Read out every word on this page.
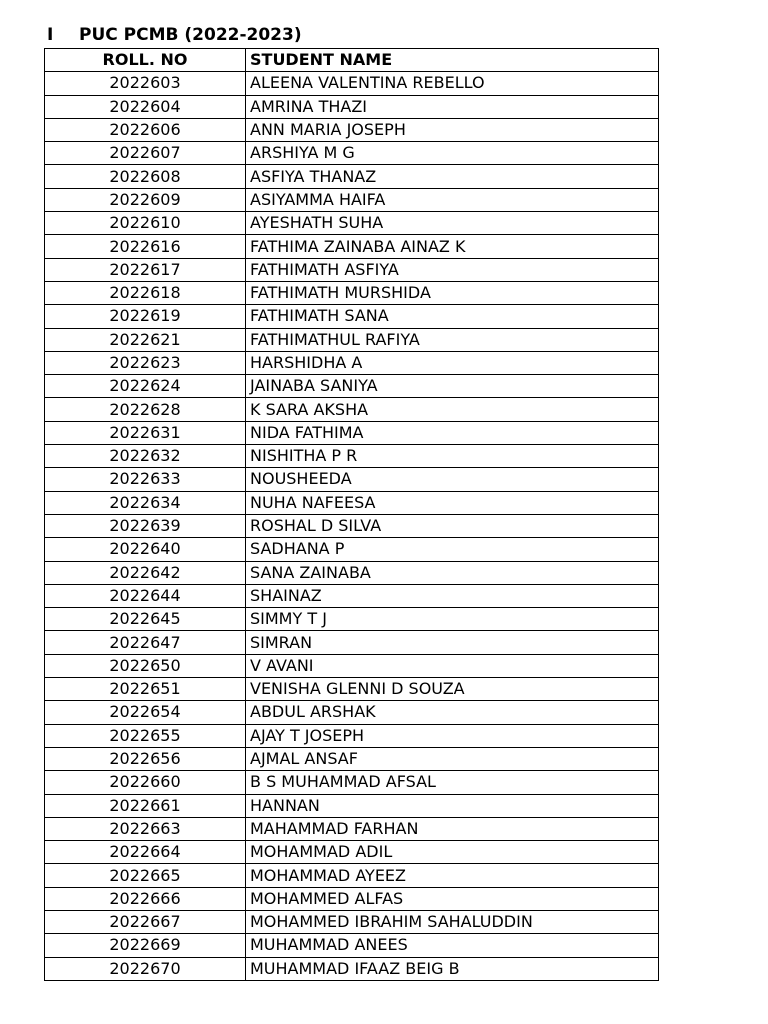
I PUC PCMB (2022-2023)
ROLL. NO	STUDENT NAME
2022603	ALEENA VALENTINA REBELLO
2022604	AMRINA THAZI
2022606	ANN MARIA JOSEPH
2022607	ARSHIYA M G
2022608	ASFIYA THANAZ
2022609	ASIYAMMA HAIFA
2022610	AYESHATH SUHA
2022616	FATHIMA ZAINABA AINAZ K
2022617	FATHIMATH ASFIYA
2022618	FATHIMATH MURSHIDA
2022619	FATHIMATH SANA
2022621	FATHIMATHUL RAFIYA
2022623	HARSHIDHA A
2022624	JAINABA SANIYA
2022628	K SARA AKSHA
2022631	NIDA FATHIMA
2022632	NISHITHA P R
2022633	NOUSHEEDA
2022634	NUHA NAFEESA
2022639	ROSHAL D SILVA
2022640	SADHANA P
2022642	SANA ZAINABA
2022644	SHAINAZ
2022645	SIMMY T J
2022647	SIMRAN
2022650	V AVANI
2022651	VENISHA GLENNI D SOUZA
2022654	ABDUL ARSHAK
2022655	AJAY T JOSEPH
2022656	AJMAL ANSAF
2022660	B S MUHAMMAD AFSAL
2022661	HANNAN
2022663	MAHAMMAD FARHAN
2022664	MOHAMMAD ADIL
2022665	MOHAMMAD AYEEZ
2022666	MOHAMMED ALFAS
2022667	MOHAMMED IBRAHIM SAHALUDDIN
2022669	MUHAMMAD ANEES
2022670	MUHAMMAD IFAAZ BEIG B
